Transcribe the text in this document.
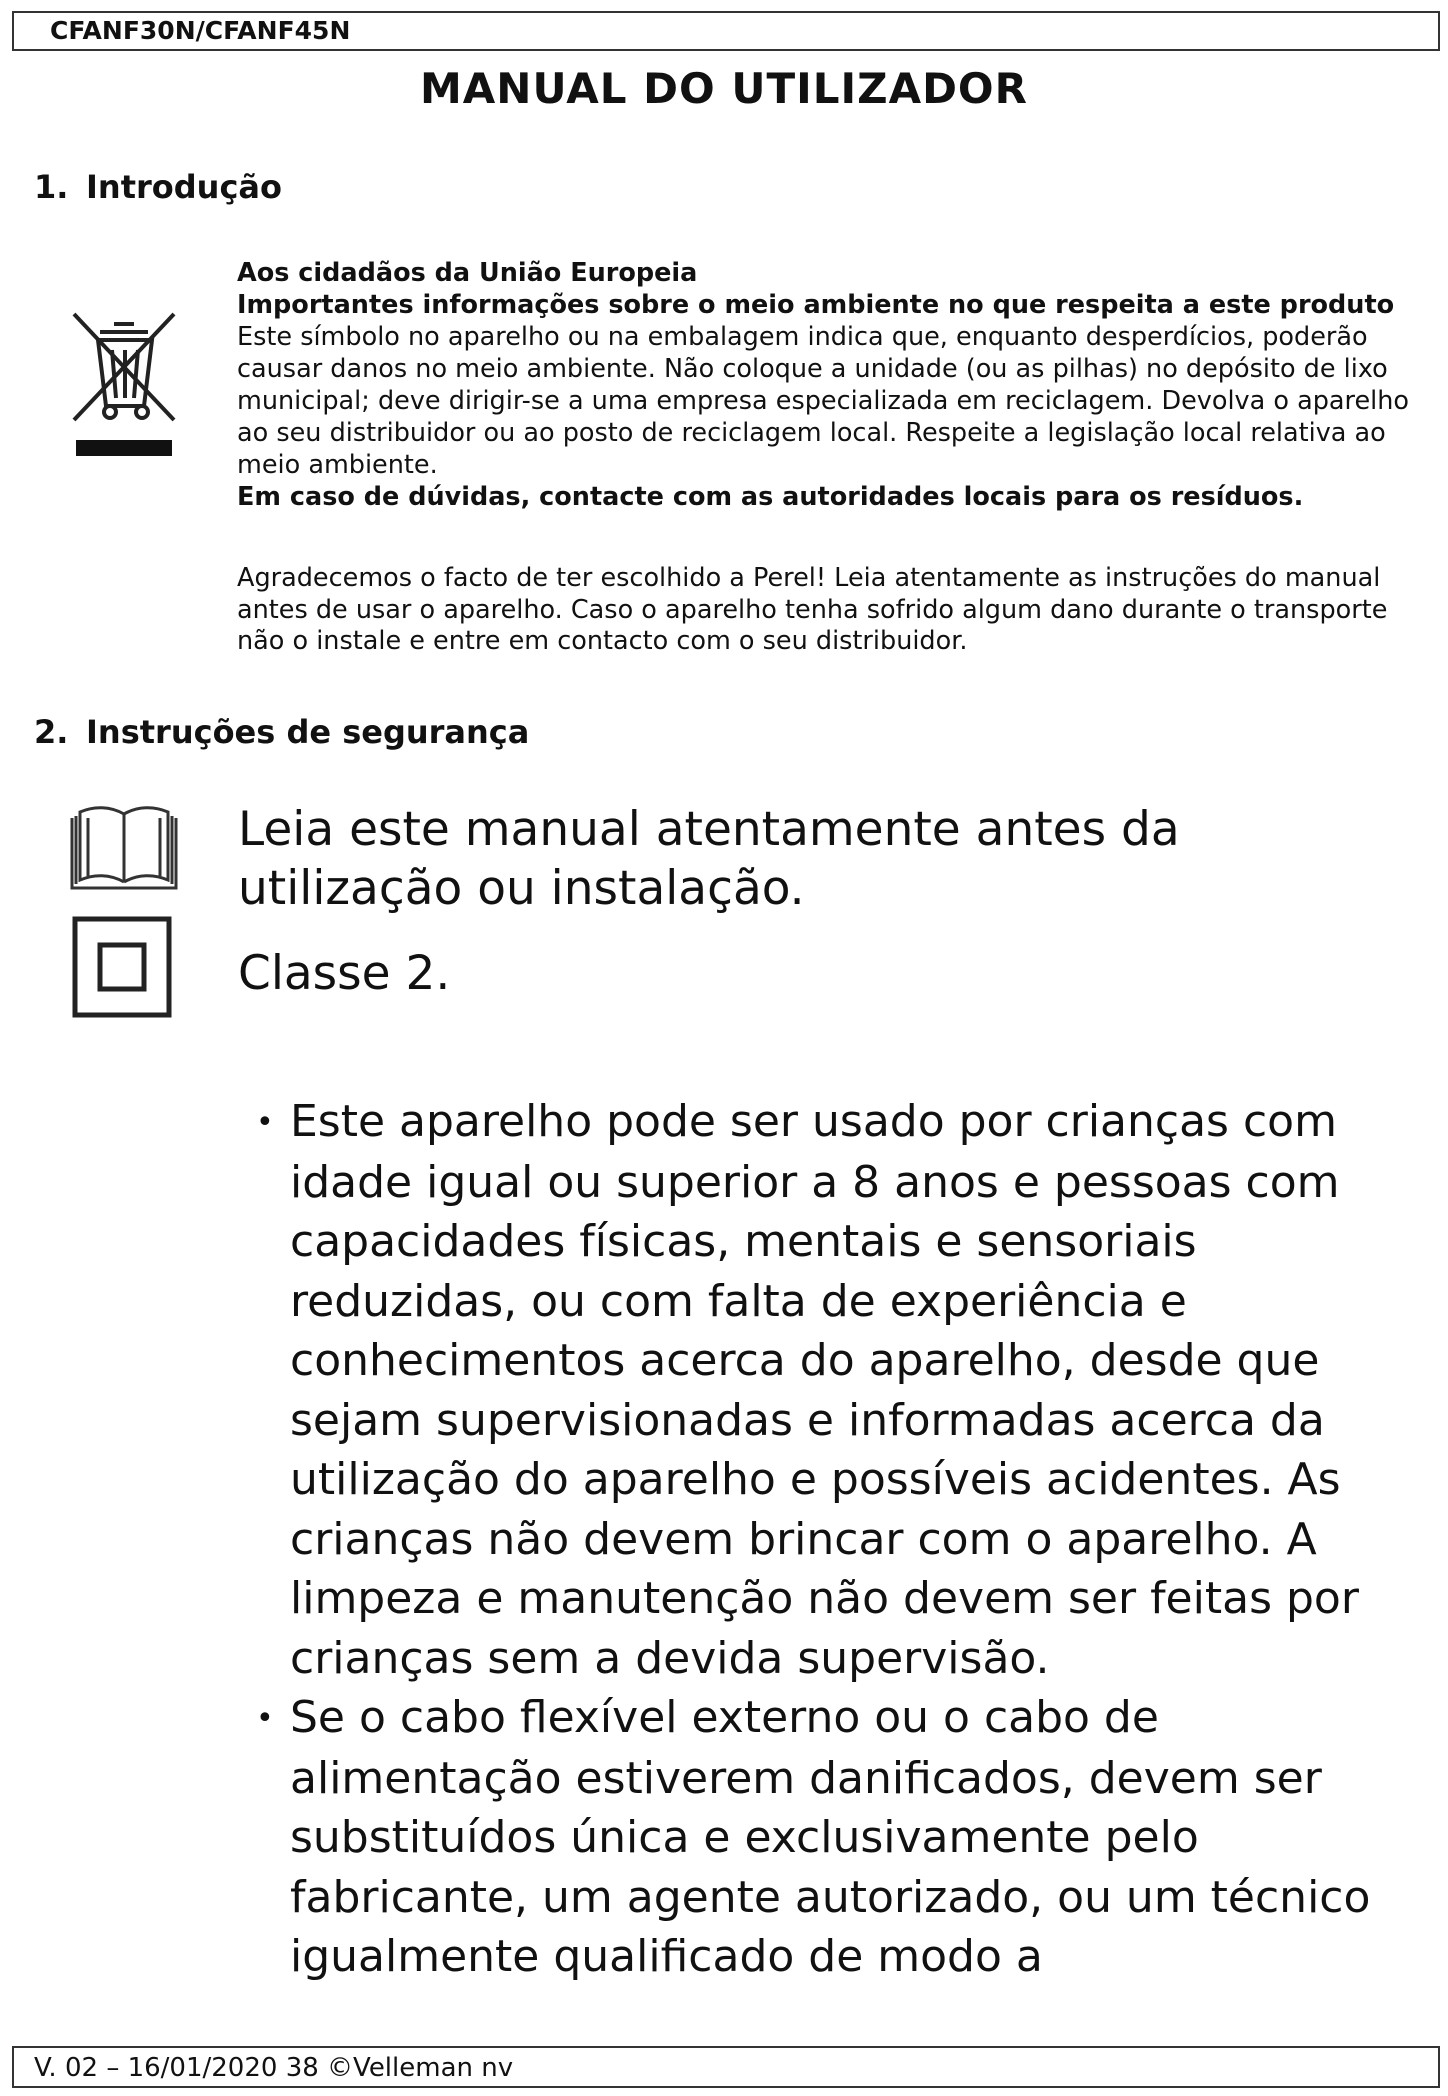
CFANF30N/CFANF45N
MANUAL DO UTILIZADOR
1. Introdução

Aos cidadãos da União Europeia

Importantes informações sobre o meio ambiente no que respeita a este produto

Este símbolo no aparelho ou na embalagem indica que, enquanto desperdícios, poderão causar danos no meio ambiente. Não coloque a unidade (ou as pilhas) no depósito de lixo municipal; deve dirigir-se a uma empresa especializada em reciclagem. Devolva o aparelho ao seu distribuidor ou ao posto de reciclagem local. Respeite a legislação local relativa ao meio ambiente.

Em caso de dúvidas, contacte com as autoridades locais para os resíduos.

Agradecemos o facto de ter escolhido a Perel! Leia atentamente as instruções do manual antes de usar o aparelho. Caso o aparelho tenha sofrido algum dano durante o transporte não o instale e entre em contacto com o seu distribuidor.
2. Instruções de segurança
Leia este manual atentamente antes da utilização ou instalação.
Classe 2.
• Este aparelho pode ser usado por crianças com idade igual ou superior a 8 anos e pessoas com capacidades físicas, mentais e sensoriais reduzidas, ou com falta de experiência e conhecimentos acerca do aparelho, desde que sejam supervisionadas e informadas acerca da utilização do aparelho e possíveis acidentes. As crianças não devem brincar com o aparelho. A limpeza e manutenção não devem ser feitas por crianças sem a devida supervisão.
• Se o cabo flexível externo ou o cabo de alimentação estiverem danificados, devem ser substituídos única e exclusivamente pelo fabricante, um agente autorizado, ou um técnico igualmente qualificado de modo a
V. 02 – 16/01/2020 38 ©Velleman nv
